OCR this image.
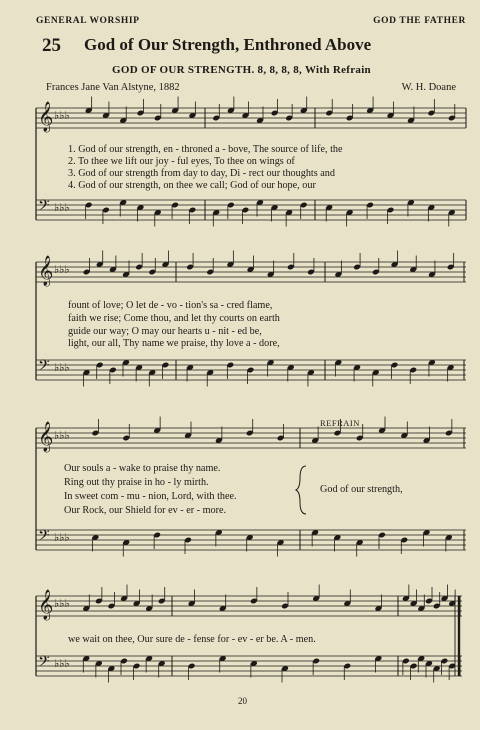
GENERAL WORSHIP	GOD THE FATHER
25 God of Our Strength, Enthroned Above
GOD OF OUR STRENGTH. 8, 8, 8, 8, With Refrain
Frances Jane Van Alstyne, 1882	W. H. Doane
𝄞 ♭♭♭
𝄢 ♭♭♭
𝄞 ♭♭♭
𝄢 ♭♭♭
𝄞 ♭♭♭
𝄢 ♭♭♭
𝄞 ♭♭♭
𝄢 ♭♭♭
1. God of our strength, en - throned a - bove, The source of life, the
2. To thee we lift our joy - ful eyes, To thee on wings of
3. God of our strength from day to day, Di - rect our thoughts and
4. God of our strength, on thee we call; God of our hope, our
fount of love; O let de - vo - tion's sa - cred flame,
faith we rise; Come thou, and let thy courts on earth
guide our way; O may our hearts u - nit - ed be,
light, our all, Thy name we praise, thy love a - dore,
REFRAIN
Our souls a - wake to praise thy name.
Ring out thy praise in ho - ly mirth.
In sweet com - mu - nion, Lord, with thee.
Our Rock, our Shield for ev - er - more.
God of our strength,
we wait on thee, Our sure de - fense for - ev - er be. A - men.
20
